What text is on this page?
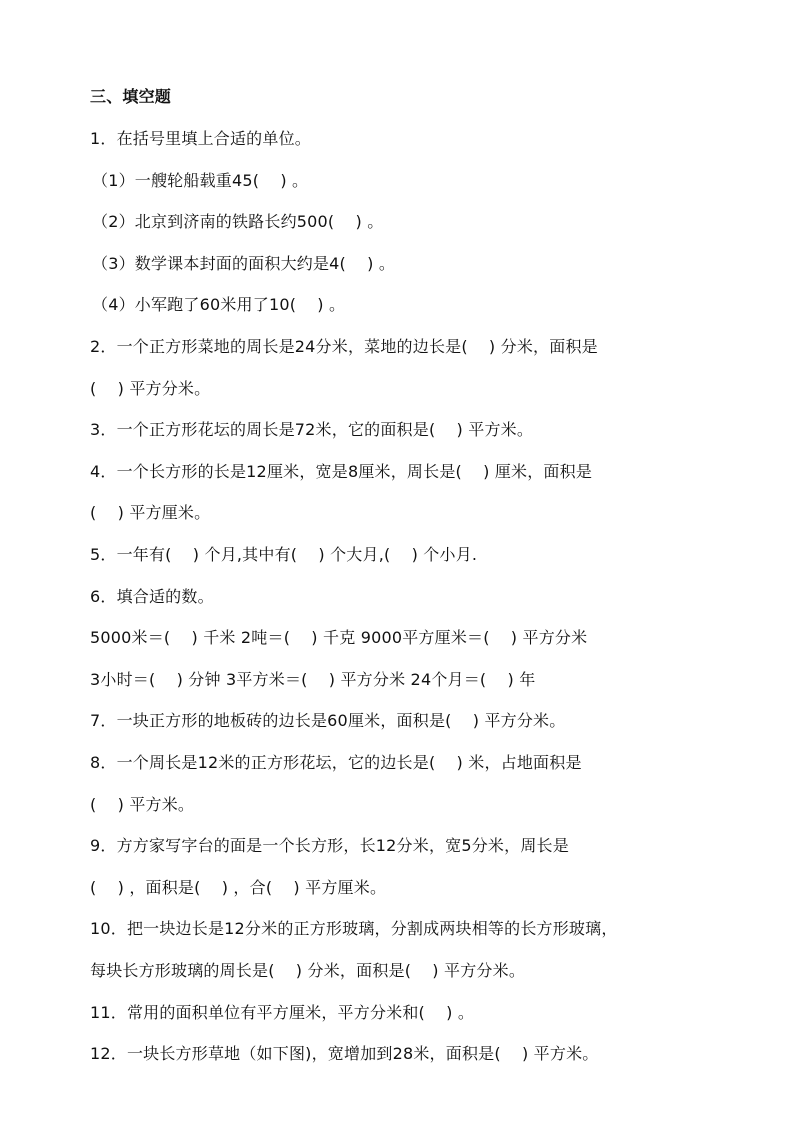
三、填空题
1．在括号里填上合适的单位。
（1）一艘轮船载重45(    ) 。
（2）北京到济南的铁路长约500(    ) 。
（3）数学课本封面的面积大约是4(    ) 。
（4）小军跑了60米用了10(    ) 。
2．一个正方形菜地的周长是24分米，菜地的边长是(    ) 分米，面积是
(    ) 平方分米。
3．一个正方形花坛的周长是72米，它的面积是(    ) 平方米。
4．一个长方形的长是12厘米，宽是8厘米，周长是(    ) 厘米，面积是
(    ) 平方厘米。
5．一年有(    ) 个月,其中有(    ) 个大月,(    ) 个小月.
6．填合适的数。
5000米＝(    ) 千米 2吨＝(    ) 千克 9000平方厘米＝(    ) 平方分米
3小时＝(    ) 分钟 3平方米＝(    ) 平方分米 24个月＝(    ) 年
7．一块正方形的地板砖的边长是60厘米，面积是(    ) 平方分米。
8．一个周长是12米的正方形花坛，它的边长是(    ) 米，占地面积是
(    ) 平方米。
9．方方家写字台的面是一个长方形，长12分米，宽5分米，周长是
(    ) ，面积是(    ) ，合(    ) 平方厘米。
10．把一块边长是12分米的正方形玻璃，分割成两块相等的长方形玻璃，
每块长方形玻璃的周长是(    ) 分米，面积是(    ) 平方分米。
11．常用的面积单位有平方厘米，平方分米和(    ) 。
12．一块长方形草地（如下图)，宽增加到28米，面积是(    ) 平方米。
